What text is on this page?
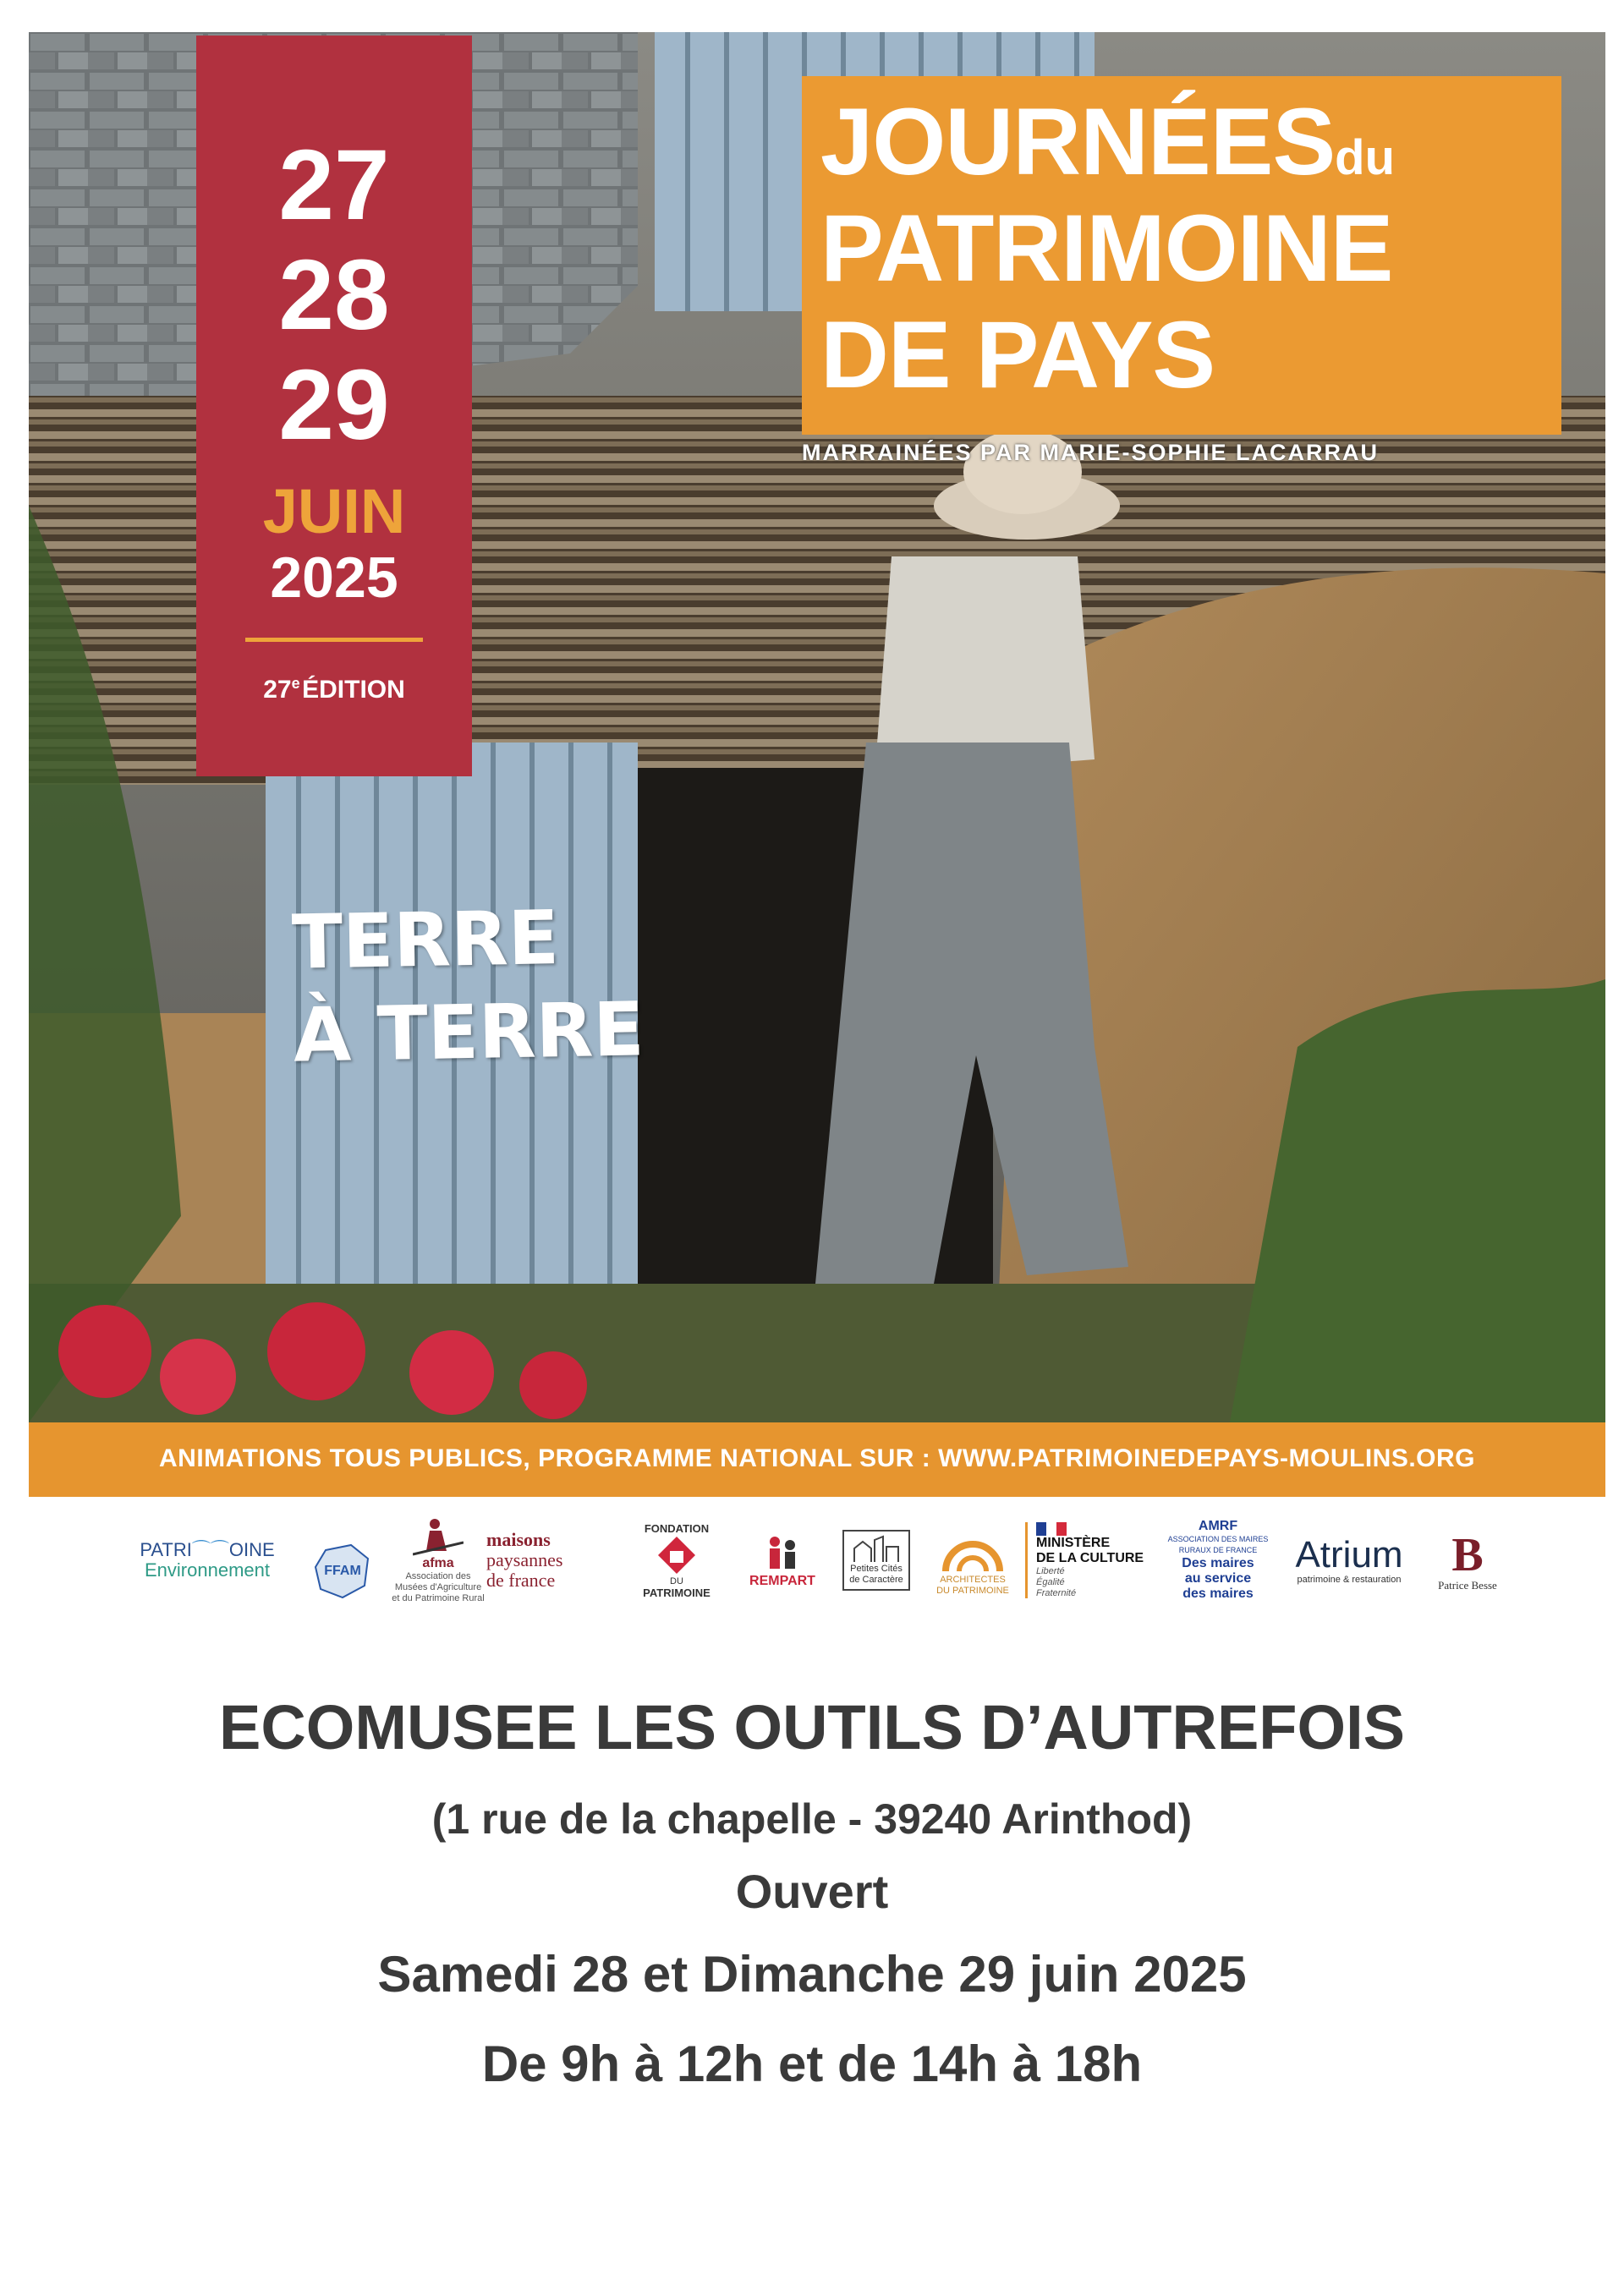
27
28
29
JUIN
2025
27e ÉDITION
JOURNÉESdu
PATRIMOINE
DE PAYS
MARRAINÉES PAR MARIE-SOPHIE LACARRAU
TERRE
À TERRE
ANIMATIONS TOUS PUBLICS, PROGRAMME NATIONAL SUR : WWW.PATRIMOINEDEPAYS-MOULINS.ORG
PATRI⌒⌒OINE
Environnement	FFAM
afma
Association des
Musées d'Agriculture
et du Patrimoine Rural
maisons
paysannes
de france
FONDATION
DU
PATRIMOINE
REMPART
Petites Cités
de Caractère	ARCHITECTES
DU PATRIMOINE
MINISTÈRE
DE LA CULTURE
Liberté
Égalité
Fraternité
AMRF
ASSOCIATION DES MAIRES
RURAUX DE FRANCE
Des maires
au service
des maires
Atrium
patrimoine & restauration B
Patrice Besse
ECOMUSEE LES OUTILS D’AUTREFOIS
(1 rue de la chapelle - 39240 Arinthod)
Ouvert
Samedi 28 et Dimanche 29 juin 2025
De 9h à 12h et de 14h à 18h
